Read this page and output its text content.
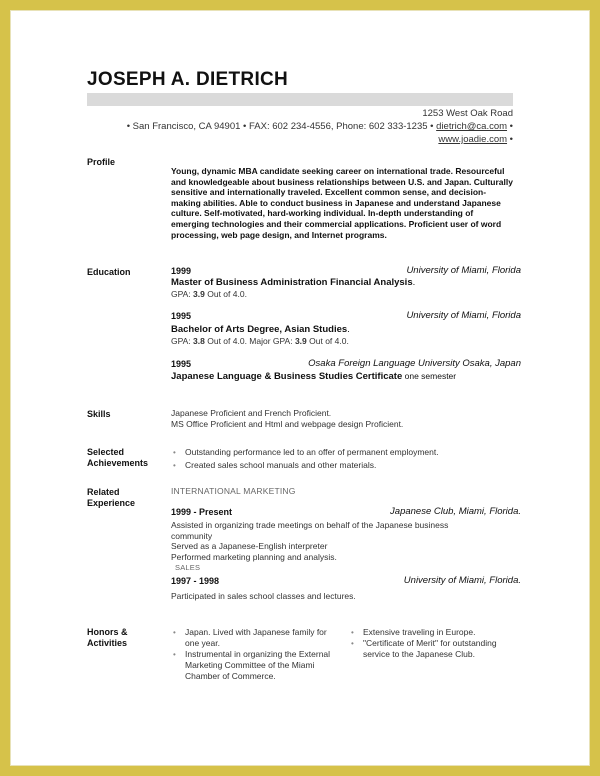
JOSEPH A. DIETRICH
1253 West Oak Road
• San Francisco, CA 94901 • FAX: 602 234-4556, Phone: 602 333-1235 • dietrich@ca.com •
www.joadie.com •
Profile
Young, dynamic MBA candidate seeking career on international trade. Resourceful and knowledgeable about business relationships between U.S. and Japan. Culturally sensitive and internationally traveled. Excellent common sense, and decision-making abilities. Able to conduct business in Japanese and understand Japanese culture. Self-motivated, hard-working individual. In-depth understanding of emerging technologies and their commercial applications. Proficient user of word processing, web page design, and Internet programs.
Education	1999	University of Miami, Florida
Master of Business Administration Financial Analysis.
GPA: 3.9 Out of 4.0.
1995	University of Miami, Florida
Bachelor of Arts Degree, Asian Studies.
GPA: 3.8 Out of 4.0. Major GPA: 3.9 Out of 4.0.
1995	Osaka Foreign Language University Osaka, Japan
Japanese Language & Business Studies Certificate one semester
Skills	Japanese Proficient and French Proficient.
MS Office Proficient and Html and webpage design Proficient.
Selected
Achievements
• Outstanding performance led to an offer of permanent employment.
• Created sales school manuals and other materials.
Related
Experience
INTERNATIONAL MARKETING
1999 - Present	Japanese Club, Miami, Florida.
Assisted in organizing trade meetings on behalf of the Japanese business community
Served as a Japanese-English interpreter
Performed marketing planning and analysis.
SALES
1997 - 1998	University of Miami, Florida.
Participated in sales school classes and lectures.
Honors &
Activities
• Japan. Lived with Japanese family for one year.
• Instrumental in organizing the External Marketing Committee of the Miami Chamber of Commerce.
• Extensive traveling in Europe.
• "Certificate of Merit" for outstanding service to the Japanese Club.
